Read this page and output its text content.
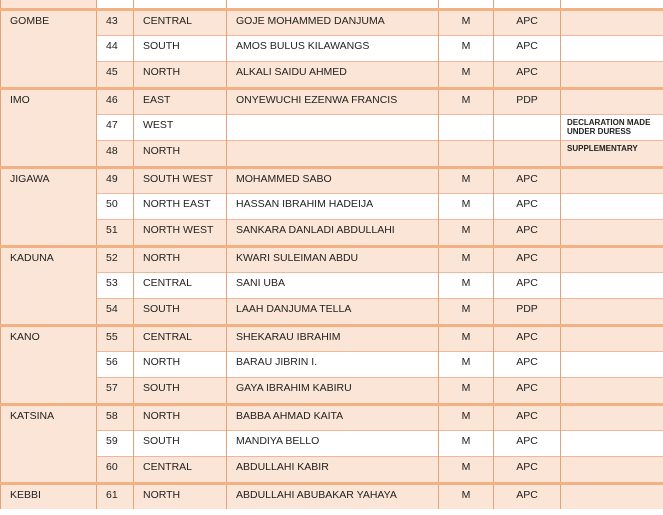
GOMBE	43	CENTRAL	GOJE MOHAMMED DANJUMA	M	APC	

	44	SOUTH	AMOS BULUS KILAWANGS	M	APC	

	45	NORTH	ALKALI SAIDU AHMED	M	APC	

IMO	46	EAST	ONYEWUCHI EZENWA FRANCIS	M	PDP	

	47	WEST				DECLARATION MADE UNDER DURESS

	48	NORTH				SUPPLEMENTARY

JIGAWA	49	SOUTH WEST	MOHAMMED SABO	M	APC	

	50	NORTH EAST	HASSAN IBRAHIM HADEIJA	M	APC	

	51	NORTH WEST	SANKARA DANLADI ABDULLAHI	M	APC	

KADUNA	52	NORTH	KWARI SULEIMAN ABDU	M	APC	

	53	CENTRAL	SANI UBA	M	APC	

	54	SOUTH	LAAH DANJUMA TELLA	M	PDP	

KANO	55	CENTRAL	SHEKARAU IBRAHIM	M	APC	

	56	NORTH	BARAU JIBRIN I.	M	APC	

	57	SOUTH	GAYA IBRAHIM KABIRU	M	APC	

KATSINA	58	NORTH	BABBA AHMAD KAITA	M	APC	

	59	SOUTH	MANDIYA BELLO	M	APC	

	60	CENTRAL	ABDULLAHI KABIR	M	APC	

KEBBI	61	NORTH	ABDULLAHI ABUBAKAR YAHAYA	M	APC	
